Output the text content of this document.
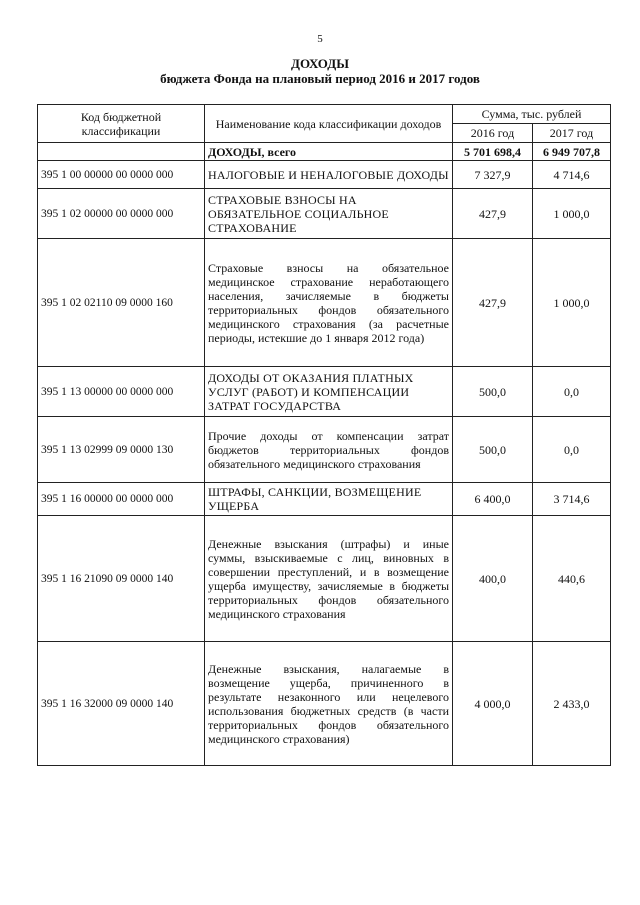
5
ДОХОДЫ
бюджета Фонда на плановый период 2016 и 2017 годов
Код бюджетной классификации	Наименование кода классификации доходов	Сумма, тыс. рублей	
		2016 год	2017 год
	ДОХОДЫ, всего	5 701 698,4	6 949 707,8
395 1 00 00000 00 0000 000	НАЛОГОВЫЕ И НЕНАЛОГОВЫЕ ДОХОДЫ	7 327,9	4 714,6
395 1 02 00000 00 0000 000	СТРАХОВЫЕ ВЗНОСЫ НА ОБЯЗАТЕЛЬНОЕ СОЦИАЛЬНОЕ СТРАХОВАНИЕ	427,9	1 000,0
395 1 02 02110 09 0000 160	Страховые взносы на обязательное медицинское страхование неработающего населения, зачисляемые в бюджеты территориальных фондов обязательного медицинского страхования (за расчетные периоды, истекшие до 1 января 2012 года)	427,9	1 000,0
395 1 13 00000 00 0000 000	ДОХОДЫ ОТ ОКАЗАНИЯ ПЛАТНЫХ УСЛУГ (РАБОТ) И КОМПЕНСАЦИИ ЗАТРАТ ГОСУДАРСТВА	500,0	0,0
395 1 13 02999 09 0000 130	Прочие доходы от компенсации затрат бюджетов территориальных фондов обязательного медицинского страхования	500,0	0,0
395 1 16 00000 00 0000 000	ШТРАФЫ, САНКЦИИ, ВОЗМЕЩЕНИЕ УЩЕРБА	6 400,0	3 714,6
395 1 16 21090 09 0000 140	Денежные взыскания (штрафы) и иные суммы, взыскиваемые с лиц, виновных в совершении преступлений, и в возмещение ущерба имуществу, зачисляемые в бюджеты территориальных фондов обязательного медицинского страхования	400,0	440,6
395 1 16 32000 09 0000 140	Денежные взыскания, налагаемые в возмещение ущерба, причиненного в результате незаконного или нецелевого использования бюджетных средств (в части территориальных фондов обязательного медицинского страхования)	4 000,0	2 433,0
